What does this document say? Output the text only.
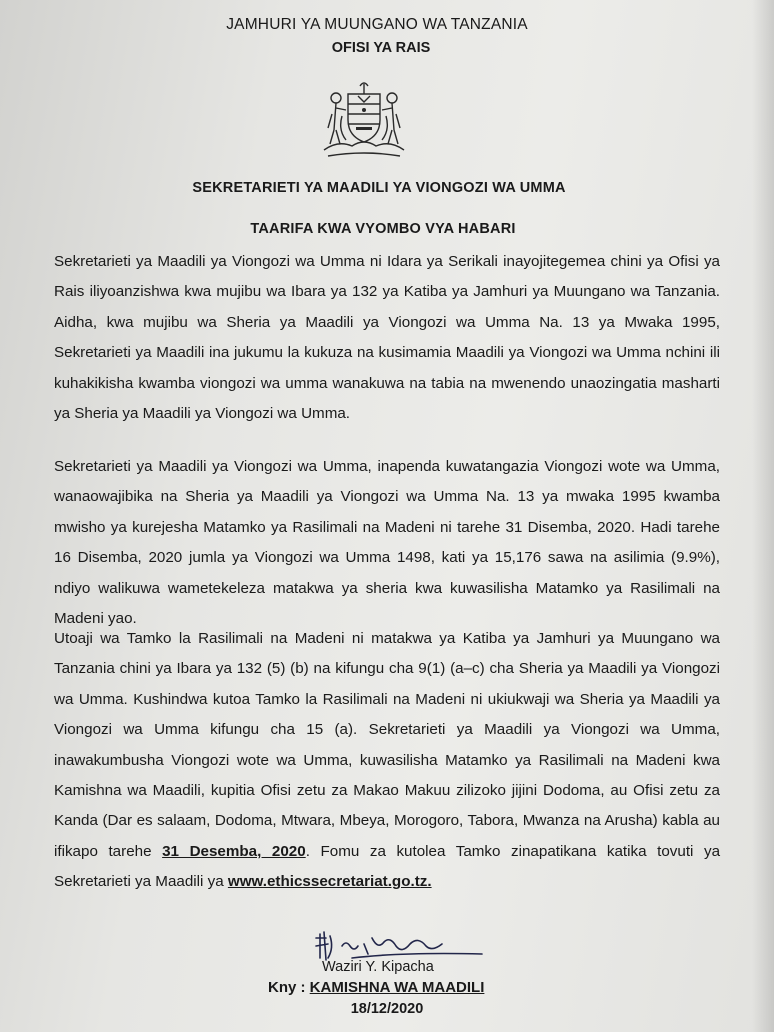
JAMHURI YA MUUNGANO WA TANZANIA
OFISI YA RAIS
SEKRETARIETI YA MAADILI YA VIONGOZI WA UMMA
TAARIFA KWA VYOMBO VYA HABARI
Sekretarieti ya Maadili ya Viongozi wa Umma ni Idara ya Serikali inayojitegemea chini ya Ofisi ya Rais iliyoanzishwa kwa mujibu wa Ibara ya 132 ya Katiba ya Jamhuri ya Muungano wa Tanzania. Aidha, kwa mujibu wa Sheria ya Maadili ya Viongozi wa Umma Na. 13 ya Mwaka 1995, Sekretarieti ya Maadili ina jukumu la kukuza na kusimamia Maadili ya Viongozi wa Umma nchini ili kuhakikisha kwamba viongozi wa umma wanakuwa na tabia na mwenendo unaozingatia masharti ya Sheria ya Maadili ya Viongozi wa Umma.
Sekretarieti ya Maadili ya Viongozi wa Umma, inapenda kuwatangazia Viongozi wote wa Umma, wanaowajibika na Sheria ya Maadili ya Viongozi wa Umma Na. 13 ya mwaka 1995 kwamba mwisho ya kurejesha Matamko ya Rasilimali na Madeni ni tarehe 31 Disemba, 2020. Hadi tarehe 16 Disemba, 2020 jumla ya Viongozi wa Umma 1498, kati ya 15,176 sawa na asilimia (9.9%), ndiyo walikuwa wametekeleza matakwa ya sheria kwa kuwasilisha Matamko ya Rasilimali na Madeni yao.
Utoaji wa Tamko la Rasilimali na Madeni ni matakwa ya Katiba ya Jamhuri ya Muungano wa Tanzania chini ya Ibara ya 132 (5) (b) na kifungu cha 9(1) (a–c) cha Sheria ya Maadili ya Viongozi wa Umma. Kushindwa kutoa Tamko la Rasilimali na Madeni ni ukiukwaji wa Sheria ya Maadili ya Viongozi wa Umma kifungu cha 15 (a). Sekretarieti ya Maadili ya Viongozi wa Umma, inawakumbusha Viongozi wote wa Umma, kuwasilisha Matamko ya Rasilimali na Madeni kwa Kamishna wa Maadili, kupitia Ofisi zetu za Makao Makuu zilizoko jijini Dodoma, au Ofisi zetu za Kanda (Dar es salaam, Dodoma, Mtwara, Mbeya, Morogoro, Tabora, Mwanza na Arusha) kabla au ifikapo tarehe 31 Desemba, 2020. Fomu za kutolea Tamko zinapatikana katika tovuti ya Sekretarieti ya Maadili ya www.ethicssecretariat.go.tz.
Waziri Y. Kipacha
Kny : KAMISHNA WA MAADILI
18/12/2020
